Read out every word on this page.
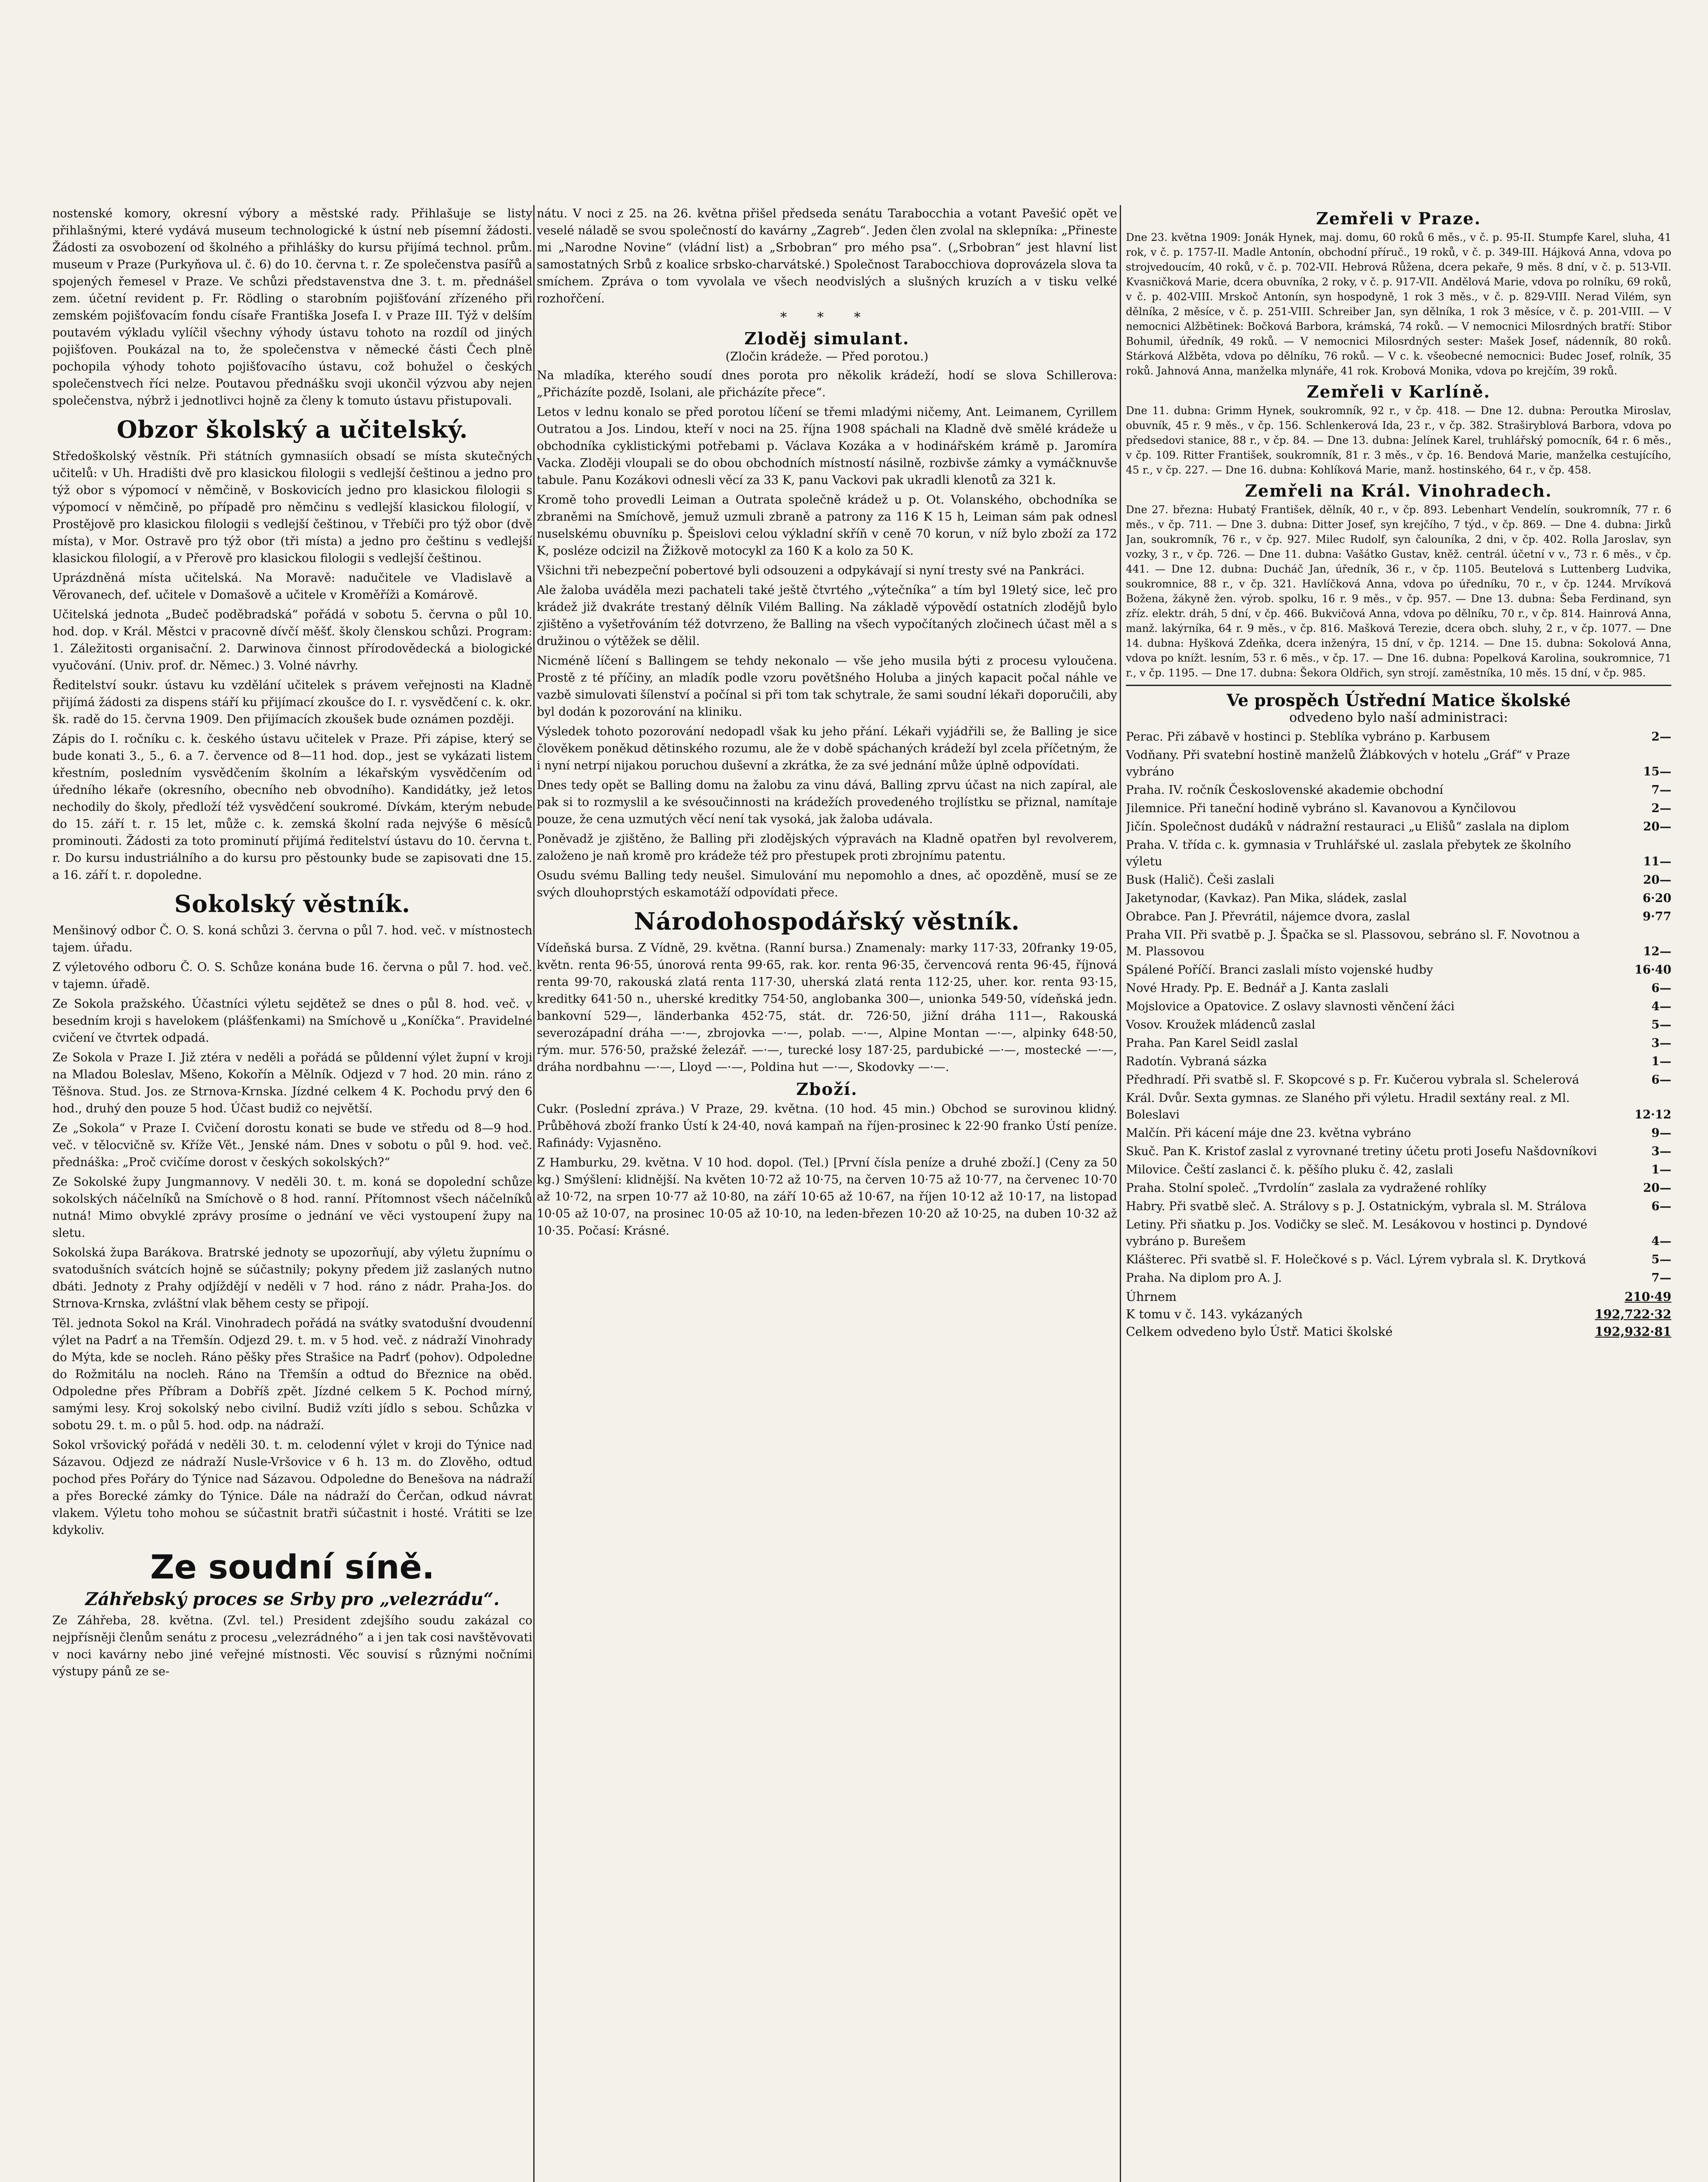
nostenské komory, okresní výbory a městské rady. Přihlašuje se listy přihlašnými, které vydává museum technologické k ústní neb písemní žádosti. Žádosti za osvobození od školného a přihlášky do kursu přijímá technol. prům. museum v Praze (Purkyňova ul. č. 6) do 10. června t. r. Ze společenstva pasířů a spojených řemesel v Praze. Ve schůzi představenstva dne 3. t. m. přednášel zem. účetní revident p. Fr. Rödling o starobním pojišťování zřízeného při zemském pojišťovacím fondu císaře Františka Josefa I. v Praze III. Týž v delším poutavém výkladu vylíčil všechny výhody ústavu tohoto na rozdíl od jiných pojišťoven. Poukázal na to, že společenstva v německé části Čech plně pochopila výhody tohoto pojišťovacího ústavu, což bohužel o českých společenstvech říci nelze. Poutavou přednášku svoji ukončil výzvou aby nejen společenstva, nýbrž i jednotlivci hojně za členy k tomuto ústavu přistupovali.

Obzor školský a učitelský.

Středoškolský věstník. Při státních gymnasiích obsadí se místa skutečných učitelů: v Uh. Hradišti dvě pro klasickou filologii s vedlejší češtinou a jedno pro týž obor s výpomocí v němčině, v Boskovicích jedno pro klasickou filologii s výpomocí v němčině, po případě pro němčinu s vedlejší klasickou filologií, v Prostějově pro klasickou filologii s vedlejší češtinou, v Třebíči pro týž obor (dvě místa), v Mor. Ostravě pro týž obor (tři místa) a jedno pro češtinu s vedlejší klasickou filologií, a v Přerově pro klasickou filologii s vedlejší češtinou.

Uprázdněná místa učitelská. Na Moravě: nadučitele ve Vladislavě a Věrovanech, def. učitele v Domašově a učitele v Kroměříži a Komárově.

Učitelská jednota „Budeč poděbradská“ pořádá v sobotu 5. června o půl 10. hod. dop. v Král. Městci v pracovně dívčí měšť. školy členskou schůzi. Program: 1. Záležitosti organisační. 2. Darwinova činnost přírodovědecká a biologické vyučování. (Univ. prof. dr. Němec.) 3. Volné návrhy.

Ředitelství soukr. ústavu ku vzdělání učitelek s právem veřejnosti na Kladně přijímá žádosti za dispens stáří ku přijímací zkoušce do I. r. vysvědčení c. k. okr. šk. radě do 15. června 1909. Den přijímacích zkoušek bude oznámen později.

Zápis do I. ročníku c. k. českého ústavu učitelek v Praze. Při zápise, který se bude konati 3., 5., 6. a 7. července od 8—11 hod. dop., jest se vykázati listem křestním, posledním vysvědčením školním a lékařským vysvědčením od úředního lékaře (okresního, obecního neb obvodního). Kandidátky, jež letos nechodily do školy, předloží též vysvědčení soukromé. Dívkám, kterým nebude do 15. září t. r. 15 let, může c. k. zemská školní rada nejvýše 6 měsíců prominouti. Žádosti za toto prominutí přijímá ředitelství ústavu do 10. června t. r. Do kursu industriálního a do kursu pro pěstounky bude se zapisovati dne 15. a 16. září t. r. dopoledne.

Sokolský věstník.

Menšinový odbor Č. O. S. koná schůzi 3. června o půl 7. hod. več. v místnostech tajem. úřadu.

Z výletového odboru Č. O. S. Schůze konána bude 16. června o půl 7. hod. več. v tajemn. úřadě.

Ze Sokola pražského. Účastníci výletu sejdětež se dnes o půl 8. hod. več. v besedním kroji s havelokem (plášťenkami) na Smíchově u „Koníčka“. Pravidelné cvičení ve čtvrtek odpadá.

Ze Sokola v Praze I. Již ztéra v neděli a pořádá se půldenní výlet župní v kroji na Mladou Boleslav, Mšeno, Kokořín a Mělník. Odjezd v 7 hod. 20 min. ráno z Těšnova. Stud. Jos. ze Strnova-Krnska. Jízdné celkem 4 K. Pochodu prvý den 6 hod., druhý den pouze 5 hod. Účast budiž co největší.

Ze „Sokola“ v Praze I. Cvičení dorostu konati se bude ve středu od 8—9 hod. več. v tělocvičně sv. Kříže Vět., Jenské nám. Dnes v sobotu o půl 9. hod. več. přednáška: „Proč cvičíme dorost v českých sokolských?“

Ze Sokolské župy Jungmannovy. V neděli 30. t. m. koná se dopolední schůze sokolských náčelníků na Smíchově o 8 hod. ranní. Přítomnost všech náčelníků nutná! Mimo obvyklé zprávy prosíme o jednání ve věci vystoupení župy na sletu.

Sokolská župa Barákova. Bratrské jednoty se upozorňují, aby výletu župnímu o svatodušních svátcích hojně se súčastnily; pokyny předem již zaslaných nutno dbáti. Jednoty z Prahy odjíždějí v neděli v 7 hod. ráno z nádr. Praha-Jos. do Strnova-Krnska, zvláštní vlak během cesty se připojí.

Těl. jednota Sokol na Král. Vinohradech pořádá na svátky svatodušní dvoudenní výlet na Padrť a na Třemšín. Odjezd 29. t. m. v 5 hod. več. z nádraží Vinohrady do Mýta, kde se nocleh. Ráno pěšky přes Strašice na Padrť (pohov). Odpoledne do Rožmitálu na nocleh. Ráno na Třemšín a odtud do Březnice na oběd. Odpoledne přes Příbram a Dobříš zpět. Jízdné celkem 5 K. Pochod mírný, samými lesy. Kroj sokolský nebo civilní. Budiž vzíti jídlo s sebou. Schůzka v sobotu 29. t. m. o půl 5. hod. odp. na nádraží.

Sokol vršovický pořádá v neděli 30. t. m. celodenní výlet v kroji do Týnice nad Sázavou. Odjezd ze nádraží Nusle-Vršovice v 6 h. 13 m. do Zlověho, odtud pochod přes Pořáry do Týnice nad Sázavou. Odpoledne do Benešova na nádraží a přes Borecké zámky do Týnice. Dále na nádraží do Čerčan, odkud návrat vlakem. Výletu toho mohou se súčastnit bratři súčastnit i hosté. Vrátiti se lze kdykoliv.

Ze soudní síně.
Záhřebský proces se Srby pro „velezrádu“.

Ze Záhřeba, 28. května. (Zvl. tel.) President zdejšího soudu zakázal co nejpřísněji členům senátu z procesu „velezrádného“ a i jen tak cosi navštěvovati v noci kavárny nebo jiné veřejné místnosti. Věc souvisí s různými nočními výstupy pánů ze se-

nátu. V noci z 25. na 26. května přišel předseda senátu Tarabocchia a votant Pavešić opět ve veselé náladě se svou společností do kavárny „Zagreb“. Jeden člen zvolal na sklepníka: „Přineste mi „Narodne Novine“ (vládní list) a „Srbobran“ pro mého psa“. („Srbobran“ jest hlavní list samostatných Srbů z koalice srbsko-charvátské.) Společnost Tarabocchiova doprovázela slova ta smíchem. Zpráva o tom vyvolala ve všech neodvislých a slušných kruzích a v tisku velké rozhořčení.

* * *
Zloděj simulant.
(Zločin krádeže. — Před porotou.)

Na mladíka, kterého soudí dnes porota pro několik krádeží, hodí se slova Schillerova: „Přicházíte pozdě, Isolani, ale přicházíte přece“.

Letos v lednu konalo se před porotou líčení se třemi mladými ničemy, Ant. Leimanem, Cyrillem Outratou a Jos. Lindou, kteří v noci na 25. října 1908 spáchali na Kladně dvě smělé krádeže u obchodníka cyklistickými potřebami p. Václava Kozáka a v hodinářském krámě p. Jaromíra Vacka. Zloději vloupali se do obou obchodních místností násilně, rozbivše zámky a vymáčknuvše tabule. Panu Kozákovi odnesli věcí za 33 K, panu Vackovi pak ukradli klenotů za 321 k.

Kromě toho provedli Leiman a Outrata společně krádež u p. Ot. Volanského, obchodníka se zbraněmi na Smíchově, jemuž uzmuli zbraně a patrony za 116 K 15 h, Leiman sám pak odnesl nuselskému obuvníku p. Špeislovi celou výkladní skříň v ceně 70 korun, v níž bylo zboží za 172 K, posléze odcizil na Žižkově motocykl za 160 K a kolo za 50 K.

Všichni tři nebezpeční pobertové byli odsouzeni a odpykávají si nyní tresty své na Pankráci.

Ale žaloba uváděla mezi pachateli také ještě čtvrtého „výtečníka“ a tím byl 19letý sice, leč pro krádež již dvakráte trestaný dělník Vilém Balling. Na základě výpovědí ostatních zlodějů bylo zjištěno a vyšetřováním též dotvrzeno, že Balling na všech vypočítaných zločinech účast měl a s družinou o výtěžek se dělil.

Nicméně líčení s Ballingem se tehdy nekonalo — vše jeho musila býti z procesu vyloučena. Prostě z té příčiny, an mladík podle vzoru povětšného Holuba a jiných kapacit počal náhle ve vazbě simulovati šílenství a počínal si při tom tak schytrale, že sami soudní lékaři doporučili, aby byl dodán k pozorování na kliniku.

Výsledek tohoto pozorování nedopadl však ku jeho přání. Lékaři vyjádřili se, že Balling je sice člověkem poněkud dětinského rozumu, ale že v době spáchaných krádeží byl zcela příčetným, že i nyní netrpí nijakou poruchou duševní a zkrátka, že za své jednání může úplně odpovídati.

Dnes tedy opět se Balling domu na žalobu za vinu dává, Balling zprvu účast na nich zapíral, ale pak si to rozmyslil a ke svésoučinnosti na krádežích provedeného trojlístku se přiznal, namítaje pouze, že cena uzmutých věcí není tak vysoká, jak žaloba udávala.

Poněvadž je zjištěno, že Balling při zlodějských výpravách na Kladně opatřen byl revolverem, založeno je naň kromě pro krádeže též pro přestupek proti zbrojnímu patentu.

Osudu svému Balling tedy neušel. Simulování mu nepomohlo a dnes, ač opozděně, musí se ze svých dlouhoprstých eskamotáží odpovídati přece.

Národohospodářský věstník.

Vídeňská bursa. Z Vídně, 29. května. (Ranní bursa.) Znamenaly: marky 117·33, 20franky 19·05, květn. renta 96·55, únorová renta 99·65, rak. kor. renta 96·35, červencová renta 96·45, říjnová renta 99·70, rakouská zlatá renta 117·30, uherská zlatá renta 112·25, uher. kor. renta 93·15, kreditky 641·50 n., uherské kreditky 754·50, anglobanka 300—, unionka 549·50, vídeňská jedn. bankovní 529—, länderbanka 452·75, stát. dr. 726·50, jižní dráha 111—, Rakouská severozápadní dráha —·—, zbrojovka —·—, polab. —·—, Alpine Montan —·—, alpinky 648·50, rým. mur. 576·50, pražské železář. —·—, turecké losy 187·25, pardubické —·—, mostecké —·—, dráha nordbahnu —·—, Lloyd —·—, Poldina hut —·—, Skodovky —·—.

Zboží.

Cukr. (Poslední zpráva.) V Praze, 29. května. (10 hod. 45 min.) Obchod se surovinou klidný. Průběhová zboží franko Ústí k 24·40, nová kampaň na říjen-prosinec k 22·90 franko Ústí peníze. Rafinády: Vyjasněno.

Z Hamburku, 29. května. V 10 hod. dopol. (Tel.) [První čísla peníze a druhé zboží.] (Ceny za 50 kg.) Smýšlení: klidnější. Na květen 10·72 až 10·75, na červen 10·75 až 10·77, na červenec 10·70 až 10·72, na srpen 10·77 až 10·80, na září 10·65 až 10·67, na říjen 10·12 až 10·17, na listopad 10·05 až 10·07, na prosinec 10·05 až 10·10, na leden-březen 10·20 až 10·25, na duben 10·32 až 10·35. Počasí: Krásné.

Zemřeli v Praze.

Dne 23. května 1909: Jonák Hynek, maj. domu, 60 roků 6 měs., v č. p. 95-II. Stumpfe Karel, sluha, 41 rok, v č. p. 1757-II. Madle Antonín, obchodní příruč., 19 roků, v č. p. 349-III. Hájková Anna, vdova po strojvedoucím, 40 roků, v č. p. 702-VII. Hebrová Růžena, dcera pekaře, 9 měs. 8 dní, v č. p. 513-VII. Kvasničková Marie, dcera obuvníka, 2 roky, v č. p. 917-VII. Andělová Marie, vdova po rolníku, 69 roků, v č. p. 402-VIII. Mrskoč Antonín, syn hospodyně, 1 rok 3 měs., v č. p. 829-VIII. Nerad Vilém, syn dělníka, 2 měsíce, v č. p. 251-VIII. Schreiber Jan, syn dělníka, 1 rok 3 měsíce, v č. p. 201-VIII. — V nemocnici Alžbětinek: Bočková Barbora, krámská, 74 roků. — V nemocnici Milosrdných bratří: Stibor Bohumil, úředník, 49 roků. — V nemocnici Milosrdných sester: Mašek Josef, nádenník, 80 roků. Stárková Alžběta, vdova po dělníku, 76 roků. — V c. k. všeobecné nemocnici: Budec Josef, rolník, 35 roků. Jahnová Anna, manželka mlynáře, 41 rok. Krobová Monika, vdova po krejčím, 39 roků.

Zemřeli v Karlíně.

Dne 11. dubna: Grimm Hynek, soukromník, 92 r., v čp. 418. — Dne 12. dubna: Peroutka Miroslav, obuvník, 45 r. 9 měs., v čp. 156. Schlenkerová Ida, 23 r., v čp. 382. Straširyblová Barbora, vdova po předsedovi stanice, 88 r., v čp. 84. — Dne 13. dubna: Jelínek Karel, truhlářský pomocník, 64 r. 6 měs., v čp. 109. Ritter František, soukromník, 81 r. 3 měs., v čp. 16. Bendová Marie, manželka cestujícího, 45 r., v čp. 227. — Dne 16. dubna: Kohlíková Marie, manž. hostinského, 64 r., v čp. 458.

Zemřeli na Král. Vinohradech.

Dne 27. března: Hubatý František, dělník, 40 r., v čp. 893. Lebenhart Vendelín, soukromník, 77 r. 6 měs., v čp. 711. — Dne 3. dubna: Ditter Josef, syn krejčího, 7 týd., v čp. 869. — Dne 4. dubna: Jirků Jan, soukromník, 76 r., v čp. 927. Milec Rudolf, syn čalouníka, 2 dni, v čp. 402. Rolla Jaroslav, syn vozky, 3 r., v čp. 726. — Dne 11. dubna: Vašátko Gustav, kněž. centrál. účetní v v., 73 r. 6 měs., v čp. 441. — Dne 12. dubna: Ducháč Jan, úředník, 36 r., v čp. 1105. Beutelová s Luttenberg Ludvika, soukromnice, 88 r., v čp. 321. Havlíčková Anna, vdova po úředníku, 70 r., v čp. 1244. Mrvíková Božena, žákyně žen. výrob. spolku, 16 r. 9 měs., v čp. 957. — Dne 13. dubna: Šeba Ferdinand, syn zříz. elektr. dráh, 5 dní, v čp. 466. Bukvičová Anna, vdova po dělníku, 70 r., v čp. 814. Hainrová Anna, manž. lakýrníka, 64 r. 9 měs., v čp. 816. Mašková Terezie, dcera obch. sluhy, 2 r., v čp. 1077. — Dne 14. dubna: Hyšková Zdeňka, dcera inženýra, 15 dní, v čp. 1214. — Dne 15. dubna: Sokolová Anna, vdova po knížt. lesním, 53 r. 6 měs., v čp. 17. — Dne 16. dubna: Popelková Karolina, soukromnice, 71 r., v čp. 1195. — Dne 17. dubna: Šekora Oldřich, syn strojí. zaměstníka, 10 měs. 15 dní, v čp. 985.

Ve prospěch Ústřední Matice školské
odvedeno bylo naší administraci:
Perac. Při zábavě v hostinci p. Steblíka vybráno p. Karbusem	2—
Vodňany. Při svatební hostině manželů Žlábkových v hotelu „Gráf“ v Praze vybráno	15—
Praha. IV. ročník Československé akademie obchodní	7—
Jilemnice. Při taneční hodině vybráno sl. Kavanovou a Kynčilovou	2—
Jičín. Společnost dudáků v nádražní restauraci „u Elišů“ zaslala na diplom	20—
Praha. V. třída c. k. gymnasia v Truhlářské ul. zaslala přebytek ze školního výletu	11—
Busk (Halič). Češi zaslali	20—
Jaketynodar, (Kavkaz). Pan Mika, sládek, zaslal	6·20
Obrabce. Pan J. Převrátil, nájemce dvora, zaslal	9·77
Praha VII. Při svatbě p. J. Špačka se sl. Plassovou, sebráno sl. F. Novotnou a M. Plassovou	12—
Spálené Poříčí. Branci zaslali místo vojenské hudby	16·40
Nové Hrady. Pp. E. Bednář a J. Kanta zaslali	6—
Mojslovice a Opatovice. Z oslavy slavnosti věnčení žáci	4—
Vosov. Kroužek mládenců zaslal	5—
Praha. Pan Karel Seidl zaslal	3—
Radotín. Vybraná sázka	1—
Předhradí. Při svatbě sl. F. Skopcové s p. Fr. Kučerou vybrala sl. Schelerová	6—
Král. Dvůr. Sexta gymnas. ze Slaného při výletu. Hradil sextány real. z Ml. Boleslavi	12·12
Malčín. Při kácení máje dne 23. května vybráno	9—
Skuč. Pan K. Kristof zaslal z vyrovnané tretiny účetu proti Josefu Našdovníkovi	3—
Milovice. Čeští zaslanci č. k. pěšího pluku č. 42, zaslali	1—
Praha. Stolní společ. „Tvrdolín“ zaslala za vydražené rohlíky	20—
Habry. Při svatbě sleč. A. Strálovy s p. J. Ostatnickým, vybrala sl. M. Strálova	6—
Letiny. Při sňatku p. Jos. Vodičky se sleč. M. Lesákovou v hostinci p. Dyndové vybráno p. Burešem	4—
Klášterec. Při svatbě sl. F. Holečkové s p. Václ. Lýrem vybrala sl. K. Drytková	5—
Praha. Na diplom pro A. J.	7—
Úhrnem	210·49
K tomu v č. 143. vykázaných	192,722·32
Celkem odvedeno bylo Ústř. Matici školské	192,932·81
